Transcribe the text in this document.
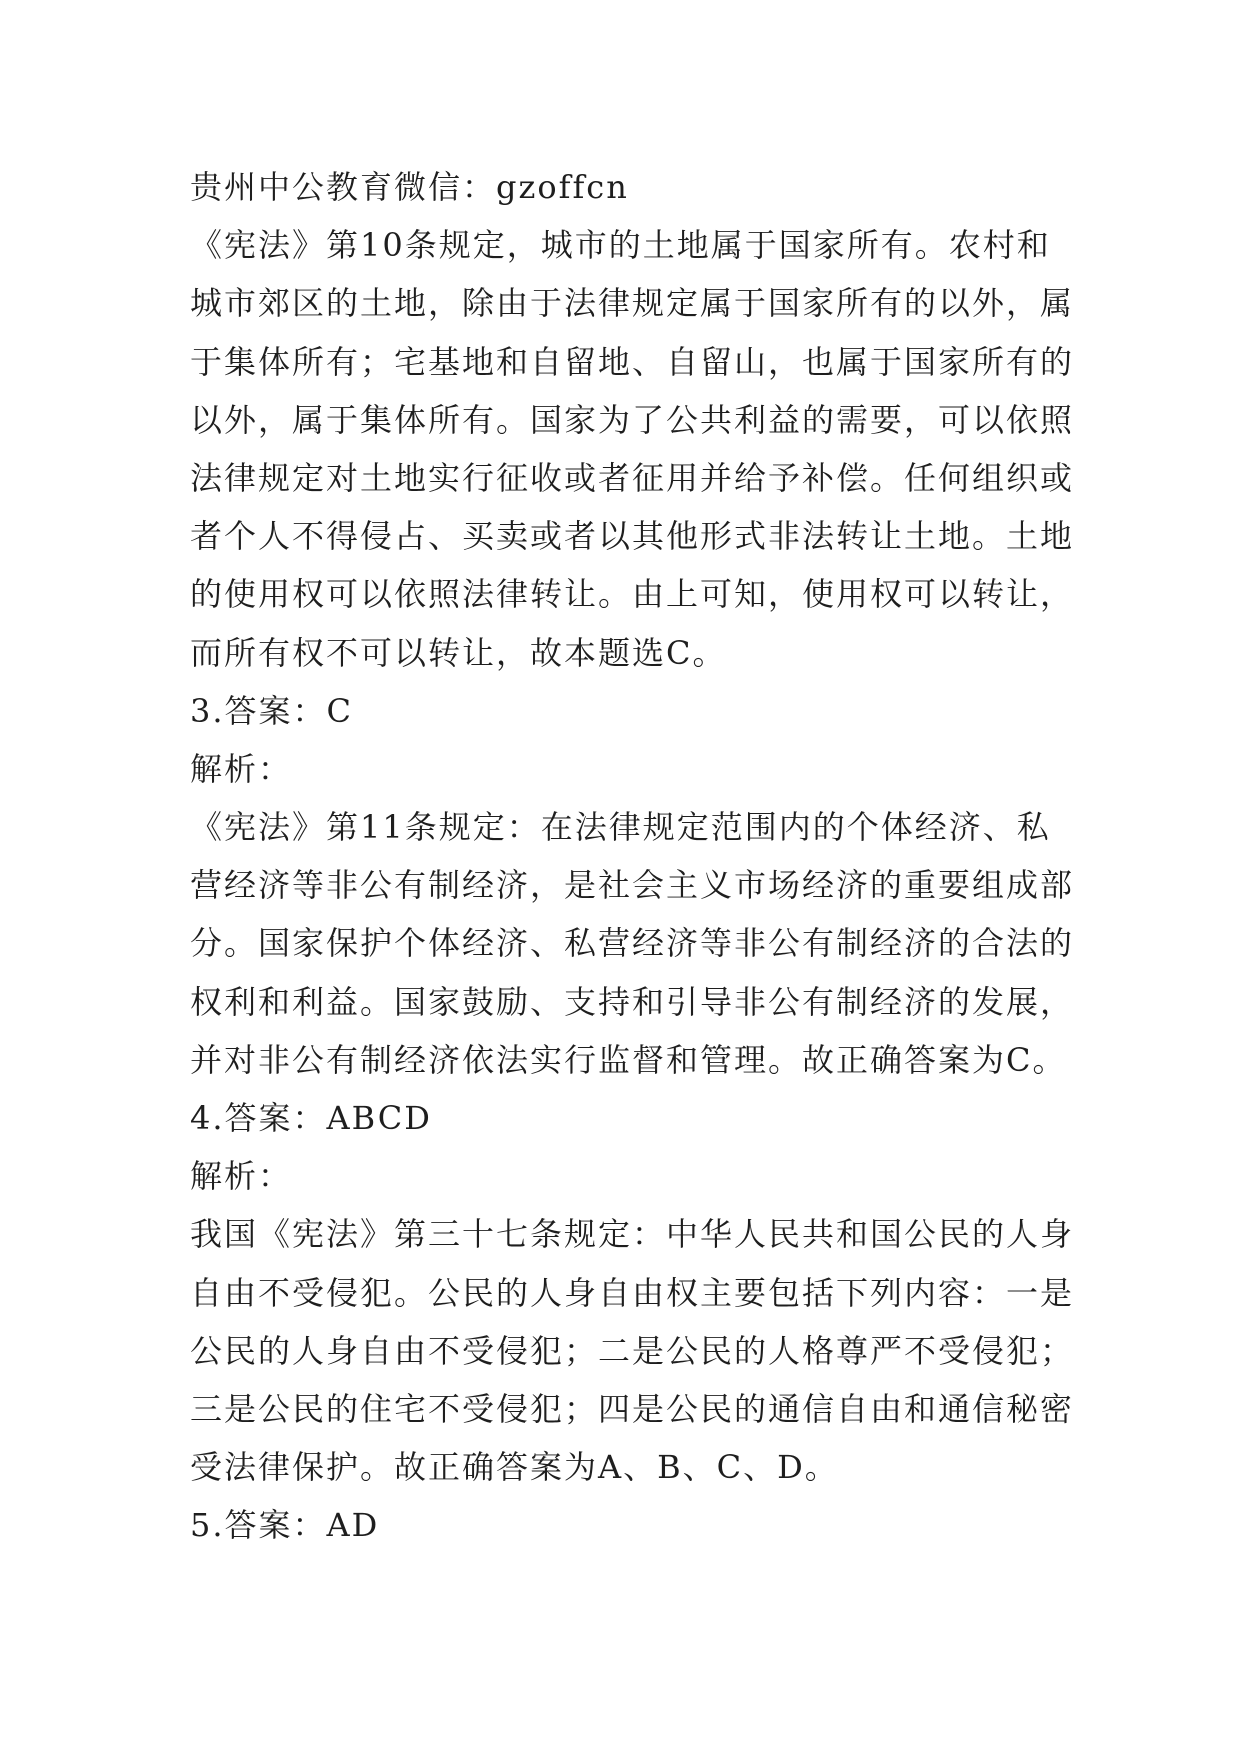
贵州中公教育微信：gzoffcn
《宪法》第10条规定，城市的土地属于国家所有。农村和
城市郊区的土地，除由于法律规定属于国家所有的以外，属
于集体所有；宅基地和自留地、自留山，也属于国家所有的
以外，属于集体所有。国家为了公共利益的需要，可以依照
法律规定对土地实行征收或者征用并给予补偿。任何组织或
者个人不得侵占、买卖或者以其他形式非法转让土地。土地
的使用权可以依照法律转让。由上可知，使用权可以转让，
而所有权不可以转让，故本题选C。
3.答案：C
解析：
《宪法》第11条规定：在法律规定范围内的个体经济、私
营经济等非公有制经济，是社会主义市场经济的重要组成部
分。国家保护个体经济、私营经济等非公有制经济的合法的
权利和利益。国家鼓励、支持和引导非公有制经济的发展，
并对非公有制经济依法实行监督和管理。故正确答案为C。
4.答案：ABCD
解析：
我国《宪法》第三十七条规定：中华人民共和国公民的人身
自由不受侵犯。公民的人身自由权主要包括下列内容：一是
公民的人身自由不受侵犯；二是公民的人格尊严不受侵犯；
三是公民的住宅不受侵犯；四是公民的通信自由和通信秘密
受法律保护。故正确答案为A、B、C、D。
5.答案：AD
